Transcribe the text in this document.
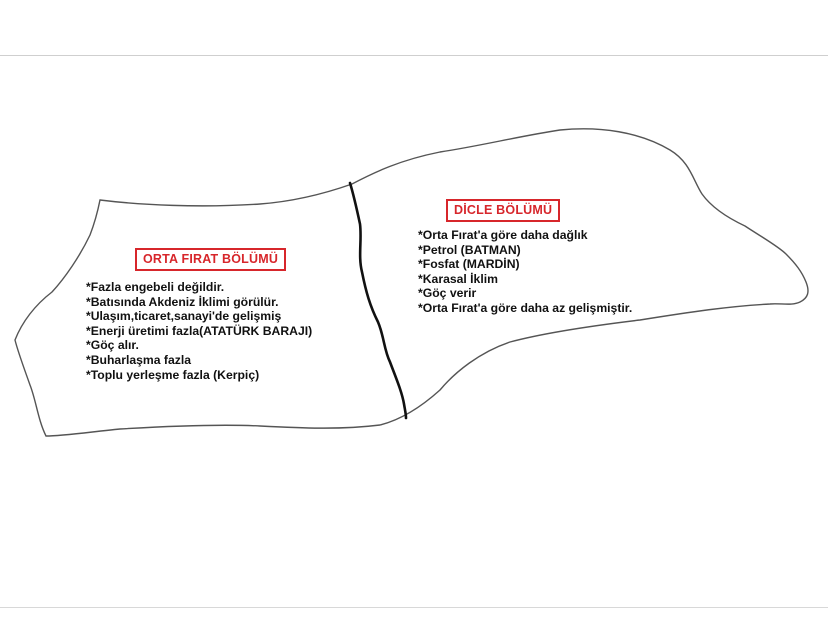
ORTA FIRAT BÖLÜMÜ
*Fazla engebeli değildir.
*Batısında Akdeniz İklimi görülür.
*Ulaşım,ticaret,sanayi'de gelişmiş
*Enerji üretimi fazla(ATATÜRK BARAJI)
*Göç alır.
*Buharlaşma fazla
*Toplu yerleşme fazla (Kerpiç)
DİCLE BÖLÜMÜ
*Orta Fırat'a göre daha dağlık
*Petrol (BATMAN)
*Fosfat (MARDİN)
*Karasal İklim
*Göç verir
*Orta Fırat'a göre daha az gelişmiştir.
